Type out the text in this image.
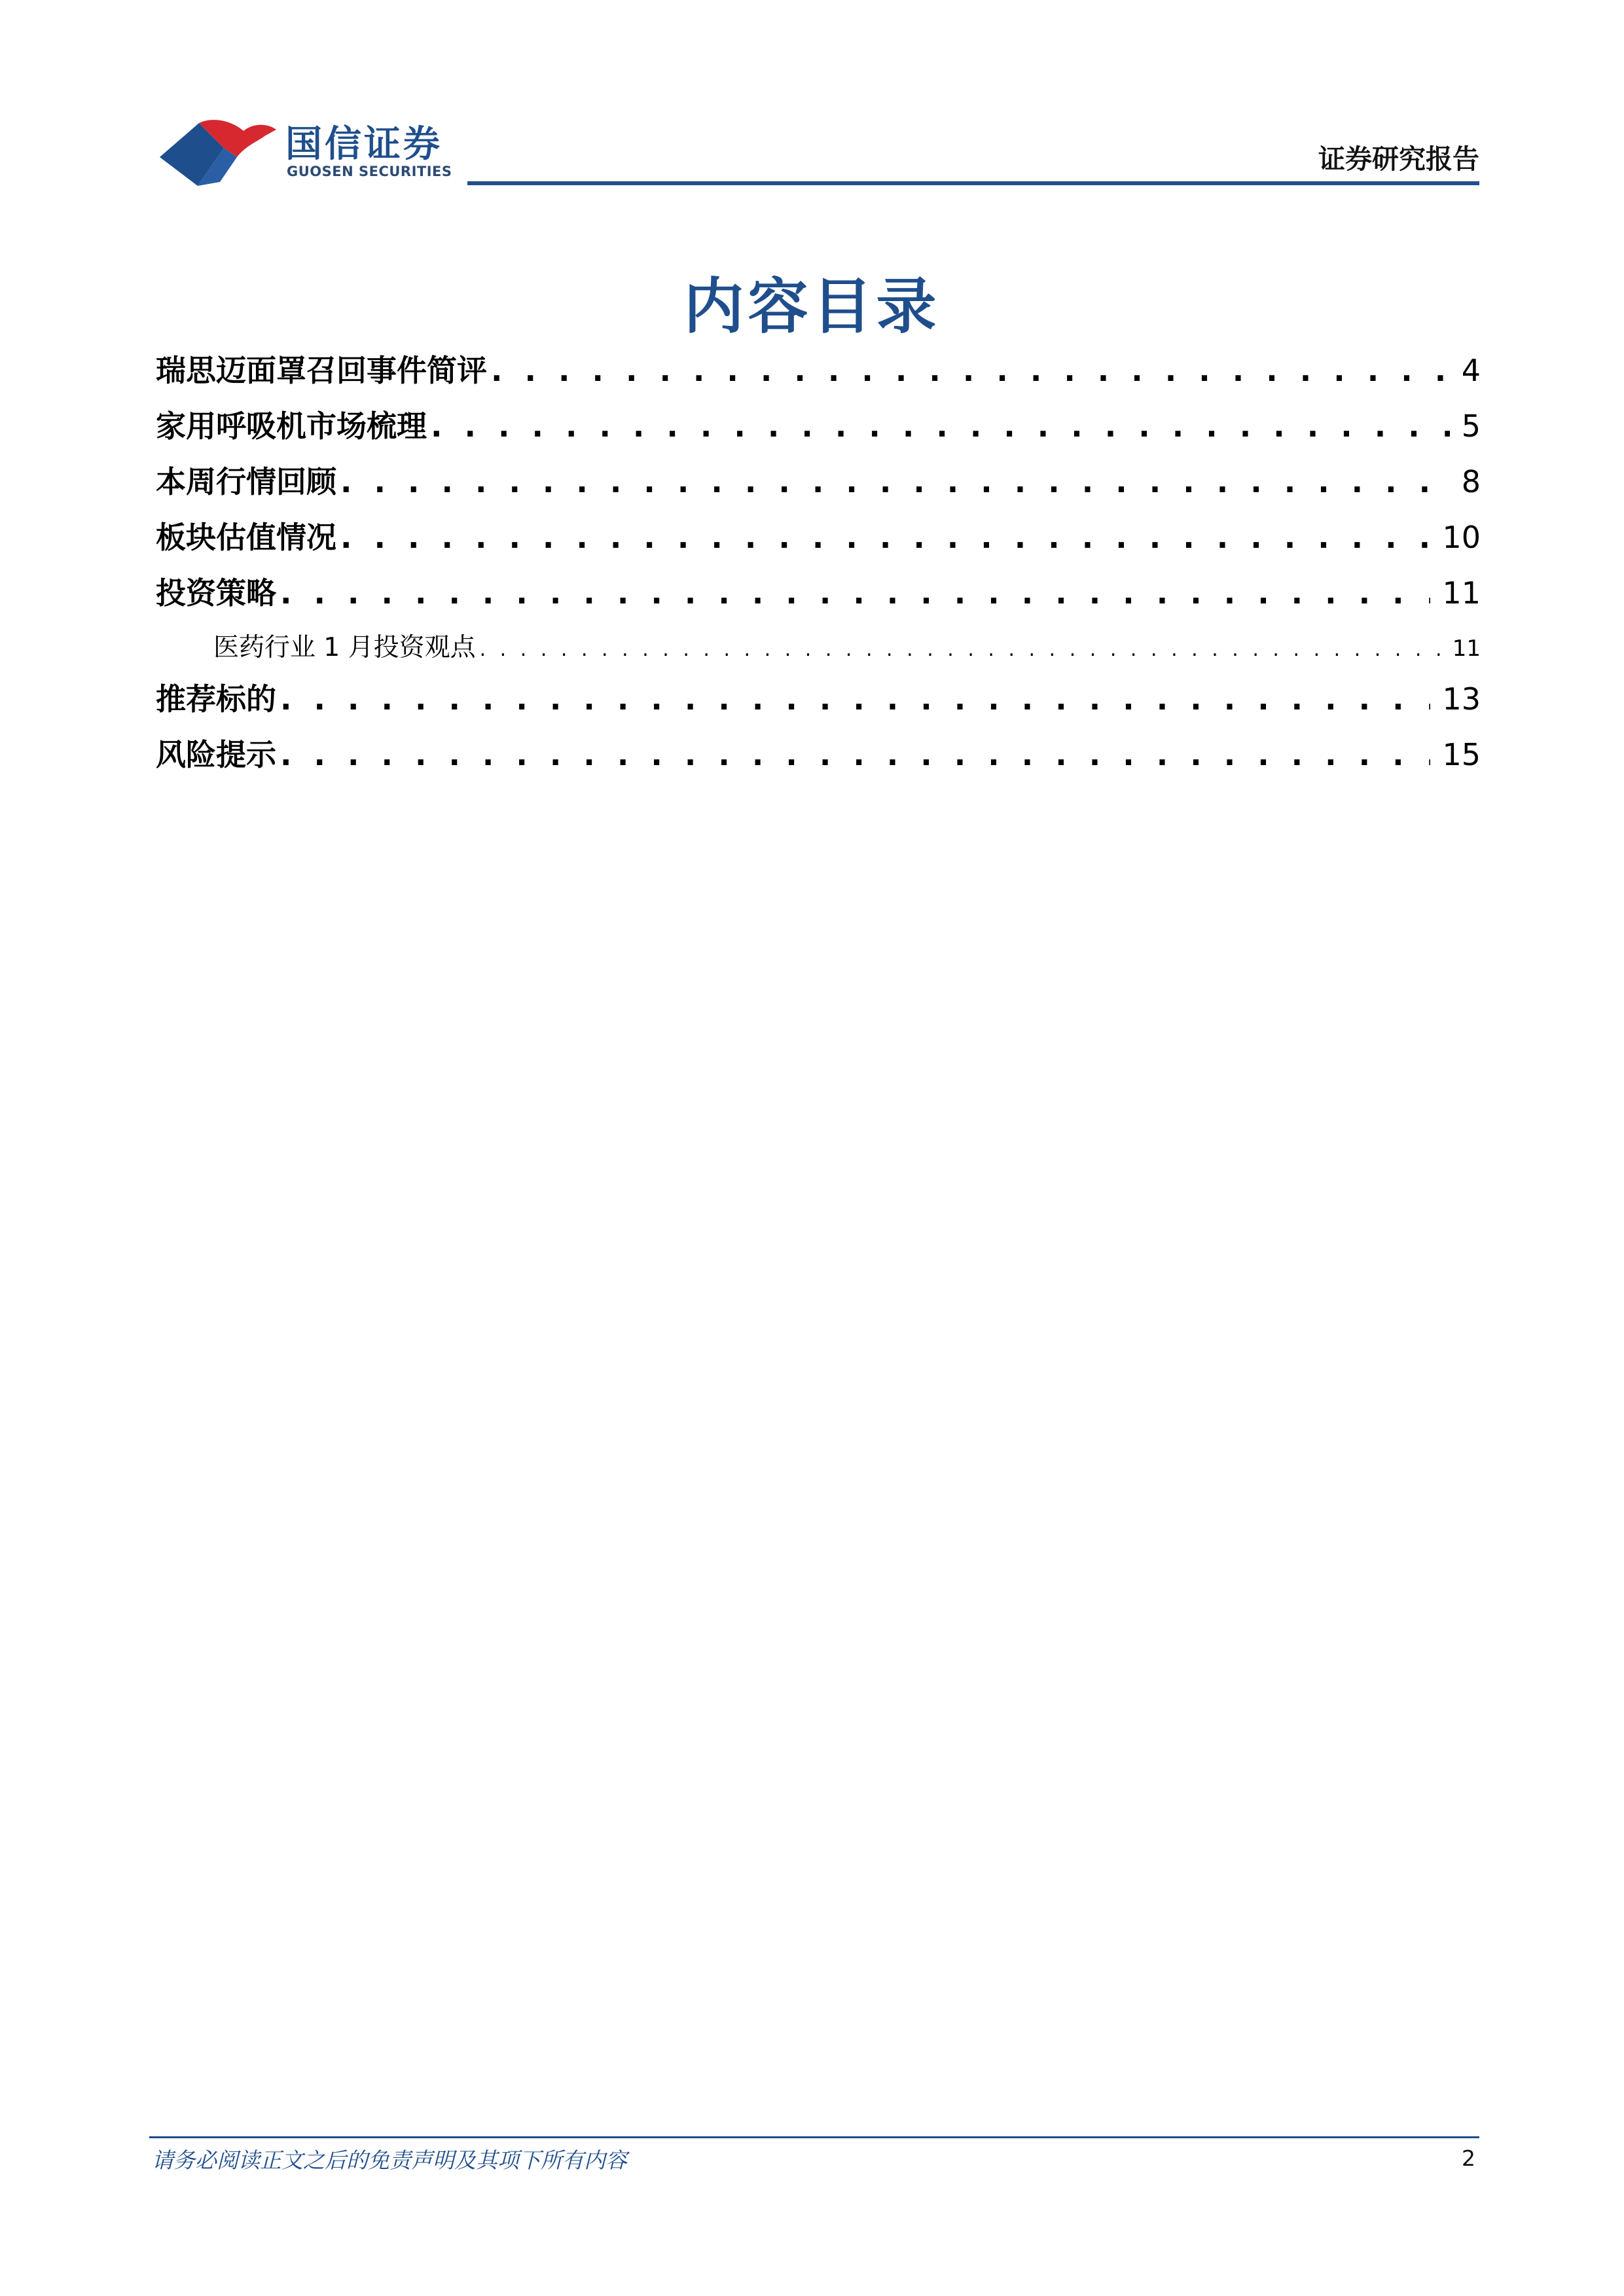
国信证券
GUOSEN SECURITIES	证券研究报告
内容目录
瑞思迈面罩召回事件简评 . . .	4
家用呼吸机市场梳理 . . .	5
本周行情回顾 . . .	8
板块估值情况 . . .	10
投资策略 . . .	11
医药行业 1 月投资观点 . . .	11
推荐标的 . . .	13
风险提示 . . .	15
请务必阅读正文之后的免责声明及其项下所有内容	2
